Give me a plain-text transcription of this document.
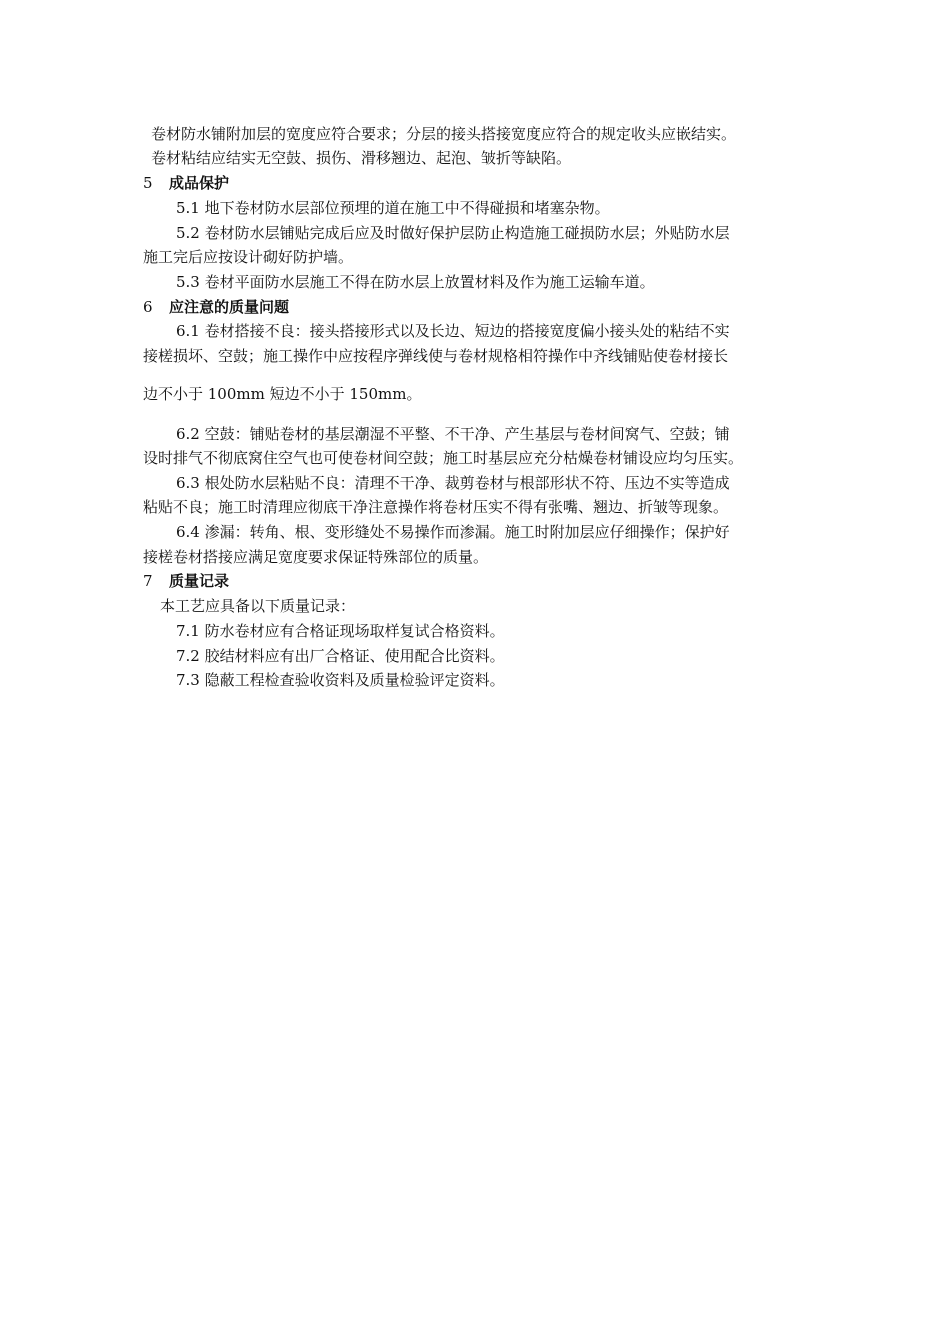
卷材防水铺附加层的宽度应符合要求；分层的接头搭接宽度应符合的规定收头应嵌结实。
卷材粘结应结实无空鼓、损伤、滑移翘边、起泡、皱折等缺陷。
5 成品保护
5.1 地下卷材防水层部位预埋的道在施工中不得碰损和堵塞杂物。
5.2 卷材防水层铺贴完成后应及时做好保护层防止构造施工碰损防水层；外贴防水层
施工完后应按设计砌好防护墙。
5.3 卷材平面防水层施工不得在防水层上放置材料及作为施工运输车道。
6 应注意的质量问题
6.1 卷材搭接不良：接头搭接形式以及长边、短边的搭接宽度偏小接头处的粘结不实
接槎损坏、空鼓；施工操作中应按程序弹线使与卷材规格相符操作中齐线铺贴使卷材接长
边不小于 100mm 短边不小于 150mm。
6.2 空鼓：铺贴卷材的基层潮湿不平整、不干净、产生基层与卷材间窝气、空鼓；铺
设时排气不彻底窝住空气也可使卷材间空鼓；施工时基层应充分枯燥卷材铺设应均匀压实。
6.3 根处防水层粘贴不良：清理不干净、裁剪卷材与根部形状不符、压边不实等造成
粘贴不良；施工时清理应彻底干净注意操作将卷材压实不得有张嘴、翘边、折皱等现象。
6.4 渗漏：转角、根、变形缝处不易操作而渗漏。施工时附加层应仔细操作；保护好
接槎卷材搭接应满足宽度要求保证特殊部位的质量。
7 质量记录
本工艺应具备以下质量记录：
7.1 防水卷材应有合格证现场取样复试合格资料。
7.2 胶结材料应有出厂合格证、使用配合比资料。
7.3 隐蔽工程检查验收资料及质量检验评定资料。
